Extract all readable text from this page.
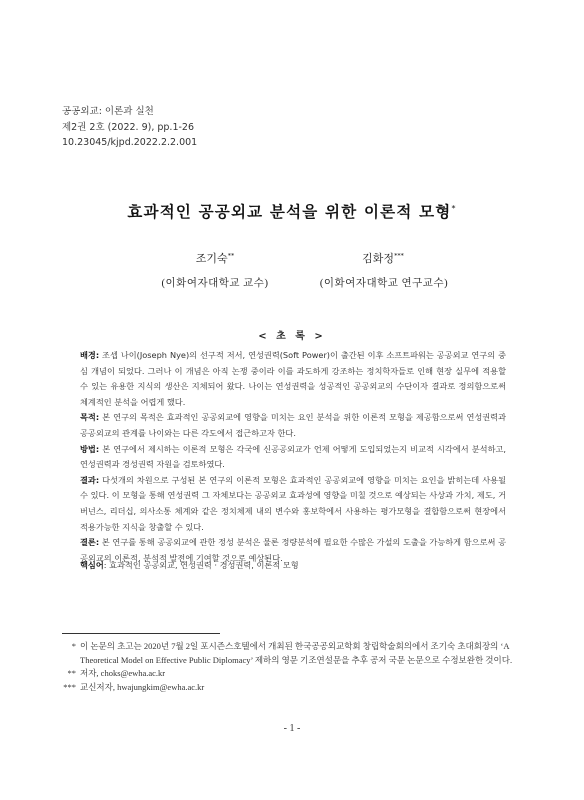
공공외교: 이론과 실천
제2권 2호 (2022. 9), pp.1-26
10.23045/kjpd.2022.2.2.001
효과적인 공공외교 분석을 위한 이론적 모형*
조기숙**	김화정***
(이화여자대학교 교수)	(이화여자대학교 연구교수)
< 초 록 >

배경: 조셉 나이(Joseph Nye)의 선구적 저서, 연성권력(Soft Power)이 출간된 이후 소프트파워는 공공외교 연구의 중심 개념이 되었다. 그러나 이 개념은 아직 논쟁 중이라 이를 과도하게 강조하는 정치학자들로 인해 현장 실무에 적용할 수 있는 유용한 지식의 생산은 지체되어 왔다. 나이는 연성권력을 성공적인 공공외교의 수단이자 결과로 정의함으로써 체계적인 분석을 어렵게 했다.

목적: 본 연구의 목적은 효과적인 공공외교에 영향을 미치는 요인 분석을 위한 이론적 모형을 제공함으로써 연성권력과 공공외교의 관계를 나이와는 다른 각도에서 접근하고자 한다.

방법: 본 연구에서 제시하는 이론적 모형은 각국에 신공공외교가 언제 어떻게 도입되었는지 비교적 시각에서 분석하고, 연성권력과 경성권력 자원을 검토하였다.

결과: 다섯개의 차원으로 구성된 본 연구의 이론적 모형은 효과적인 공공외교에 영향을 미치는 요인을 밝히는데 사용될 수 있다. 이 모형을 통해 연성권력 그 자체보다는 공공외교 효과성에 영향을 미칠 것으로 예상되는 사상과 가치, 제도, 거버넌스, 리더십, 의사소통 체계와 같은 정치체제 내의 변수와 홍보학에서 사용하는 평가모형을 결합함으로써 현장에서 적용가능한 지식을 창출할 수 있다.

결론: 본 연구를 통해 공공외교에 관한 정성 분석은 물론 정량분석에 필요한 수많은 가설의 도출을 가능하게 함으로써 공공외교의 이론적, 분석적 발전에 기여할 것으로 예상된다.

핵심어: 효과적인 공공외교, 연성권력 · 경성권력, 이론적 모형
* 이 논문의 초고는 2020년 7월 2일 포시즌스호텔에서 개최된 한국공공외교학회 창립학술회의에서 조기숙 초대회장의 ‘A Theoretical Model on Effective Public Diplomacy’ 제하의 영문 기조연설문을 추후 공저 국문 논문으로 수정보완한 것이다.
** 저자, choks@ewha.ac.kr
*** 교신저자, hwajungkim@ewha.ac.kr
- 1 -
